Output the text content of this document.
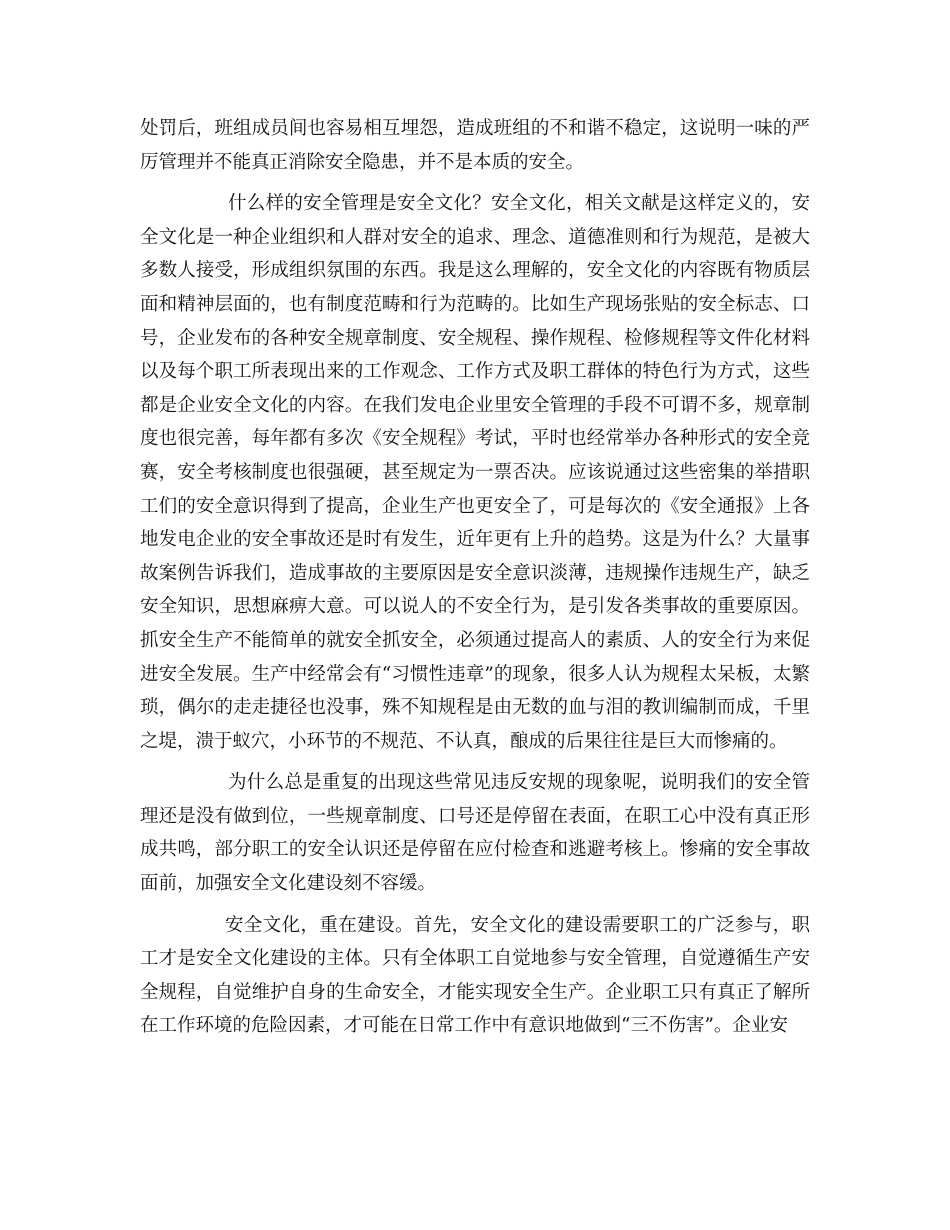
处罚后，班组成员间也容易相互埋怨，造成班组的不和谐不稳定，这说明一味的严厉管理并不能真正消除安全隐患，并不是本质的安全。

什么样的安全管理是安全文化？安全文化，相关文献是这样定义的，安全文化是一种企业组织和人群对安全的追求、理念、道德准则和行为规范，是被大多数人接受，形成组织氛围的东西。我是这么理解的，安全文化的内容既有物质层面和精神层面的，也有制度范畴和行为范畴的。比如生产现场张贴的安全标志、口号，企业发布的各种安全规章制度、安全规程、操作规程、检修规程等文件化材料以及每个职工所表现出来的工作观念、工作方式及职工群体的特色行为方式，这些都是企业安全文化的内容。在我们发电企业里安全管理的手段不可谓不多，规章制度也很完善，每年都有多次《安全规程》考试，平时也经常举办各种形式的安全竞赛，安全考核制度也很强硬，甚至规定为一票否决。应该说通过这些密集的举措职工们的安全意识得到了提高，企业生产也更安全了，可是每次的《安全通报》上各地发电企业的安全事故还是时有发生，近年更有上升的趋势。这是为什么？大量事故案例告诉我们，造成事故的主要原因是安全意识淡薄，违规操作违规生产，缺乏安全知识，思想麻痹大意。可以说人的不安全行为，是引发各类事故的重要原因。抓安全生产不能简单的就安全抓安全，必须通过提高人的素质、人的安全行为来促进安全发展。生产中经常会有“习惯性违章”的现象，很多人认为规程太呆板，太繁琐，偶尔的走走捷径也没事，殊不知规程是由无数的血与泪的教训编制而成，千里之堤，溃于蚁穴，小环节的不规范、不认真，酿成的后果往往是巨大而惨痛的。

为什么总是重复的出现这些常见违反安规的现象呢，说明我们的安全管理还是没有做到位，一些规章制度、口号还是停留在表面，在职工心中没有真正形成共鸣，部分职工的安全认识还是停留在应付检查和逃避考核上。惨痛的安全事故面前，加强安全文化建设刻不容缓。

安全文化，重在建设。首先，安全文化的建设需要职工的广泛参与，职工才是安全文化建设的主体。只有全体职工自觉地参与安全管理，自觉遵循生产安全规程，自觉维护自身的生命安全，才能实现安全生产。企业职工只有真正了解所在工作环境的危险因素，才可能在日常工作中有意识地做到“三不伤害”。企业安
